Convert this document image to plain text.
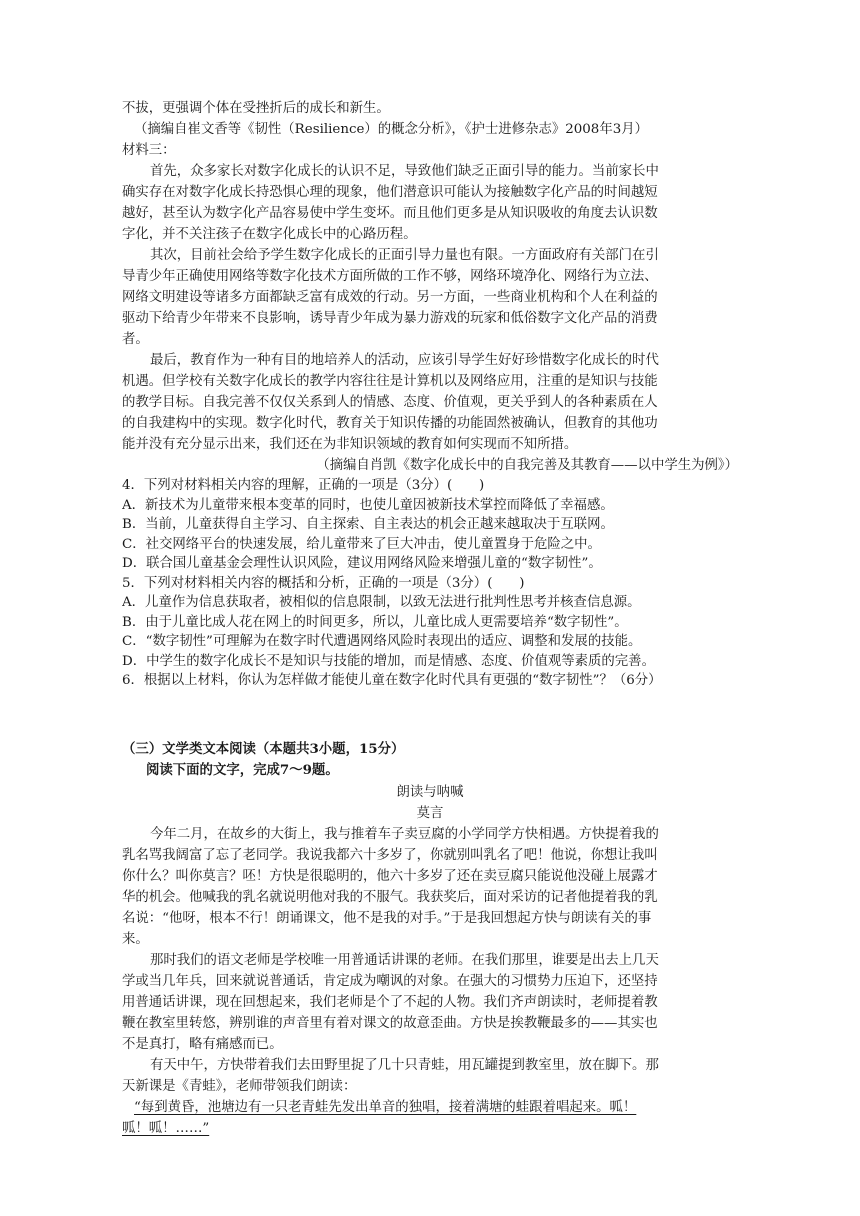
不拔，更强调个体在受挫折后的成长和新生。

（摘编自崔文香等《韧性（Resilience）的概念分析》，《护士进修杂志》2008年3月）

材料三：

首先，众多家长对数字化成长的认识不足，导致他们缺乏正面引导的能力。当前家长中

确实存在对数字化成长持恐惧心理的现象，他们潜意识可能认为接触数字化产品的时间越短

越好，甚至认为数字化产品容易使中学生变坏。而且他们更多是从知识吸收的角度去认识数

字化，并不关注孩子在数字化成长中的心路历程。

其次，目前社会给予学生数字化成长的正面引导力量也有限。一方面政府有关部门在引

导青少年正确使用网络等数字化技术方面所做的工作不够，网络环境净化、网络行为立法、

网络文明建设等诸多方面都缺乏富有成效的行动。另一方面，一些商业机构和个人在利益的

驱动下给青少年带来不良影响，诱导青少年成为暴力游戏的玩家和低俗数字文化产品的消费

者。

最后，教育作为一种有目的地培养人的活动，应该引导学生好好珍惜数字化成长的时代

机遇。但学校有关数字化成长的教学内容往往是计算机以及网络应用，注重的是知识与技能

的教学目标。自我完善不仅仅关系到人的情感、态度、价值观，更关乎到人的各种素质在人

的自我建构中的实现。数字化时代，教育关于知识传播的功能固然被确认，但教育的其他功

能并没有充分显示出来，我们还在为非知识领域的教育如何实现而不知所措。

（摘编自肖凯《数字化成长中的自我完善及其教育——以中学生为例》）

4．下列对材料相关内容的理解，正确的一项是（3分）(　　)

A．新技术为儿童带来根本变革的同时，也使儿童因被新技术掌控而降低了幸福感。

B．当前，儿童获得自主学习、自主探索、自主表达的机会正越来越取决于互联网。

C．社交网络平台的快速发展，给儿童带来了巨大冲击，使儿童置身于危险之中。

D．联合国儿童基金会理性认识风险，建议用网络风险来增强儿童的“数字韧性”。

5．下列对材料相关内容的概括和分析，正确的一项是（3分）(　　)

A．儿童作为信息获取者，被相似的信息限制，以致无法进行批判性思考并核查信息源。

B．由于儿童比成人花在网上的时间更多，所以，儿童比成人更需要培养“数字韧性”。

C．“数字韧性”可理解为在数字时代遭遇网络风险时表现出的适应、调整和发展的技能。

D．中学生的数字化成长不是知识与技能的增加，而是情感、态度、价值观等素质的完善。

6．根据以上材料，你认为怎样做才能使儿童在数字化时代具有更强的“数字韧性”？（6分）

（三）文学类文本阅读（本题共3小题，15分）

阅读下面的文字，完成7～9题。

朗读与呐喊

莫言

今年二月，在故乡的大街上，我与推着车子卖豆腐的小学同学方快相遇。方快提着我的

乳名骂我阔富了忘了老同学。我说我都六十多岁了，你就别叫乳名了吧！他说，你想让我叫

你什么？叫你莫言？呸！方快是很聪明的，他六十多岁了还在卖豆腐只能说他没碰上展露才

华的机会。他喊我的乳名就说明他对我的不服气。我获奖后，面对采访的记者他提着我的乳

名说：“他呀，根本不行！朗诵课文，他不是我的对手。”于是我回想起方快与朗读有关的事

来。

那时我们的语文老师是学校唯一用普通话讲课的老师。在我们那里，谁要是出去上几天

学或当几年兵，回来就说普通话，肯定成为嘲讽的对象。在强大的习惯势力压迫下，还坚持

用普通话讲课，现在回想起来，我们老师是个了不起的人物。我们齐声朗读时，老师提着教

鞭在教室里转悠，辨别谁的声音里有着对课文的故意歪曲。方快是挨教鞭最多的——其实也

不是真打，略有痛感而已。

有天中午，方快带着我们去田野里捉了几十只青蛙，用瓦罐提到教室里，放在脚下。那

天新课是《青蛙》，老师带领我们朗读：

“每到黄昏，池塘边有一只老青蛙先发出单音的独唱，接着满塘的蛙跟着唱起来。呱！

呱！呱！……”
